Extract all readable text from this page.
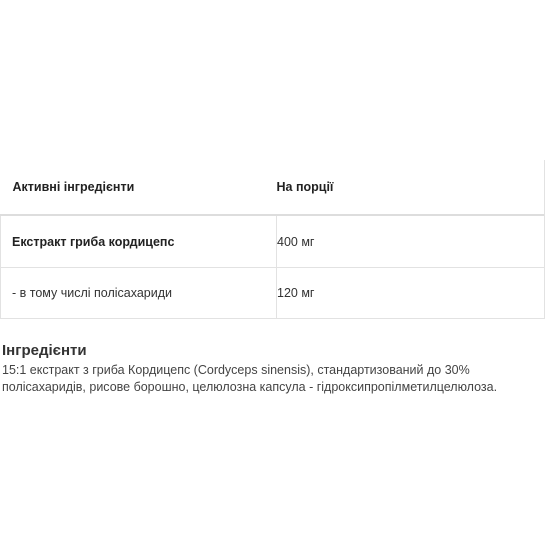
Активні інгредієнти	На порції
Екстракт гриба кордицепс	400 мг
- в тому числі полісахариди	120 мг
Інгредієнти

15:1 екстракт з гриба Кордицепс (Cordyceps sinensis), стандартизований до 30% полісахаридів, рисове борошно, целюлозна капсула - гідроксипропілметилцелюлоза.
